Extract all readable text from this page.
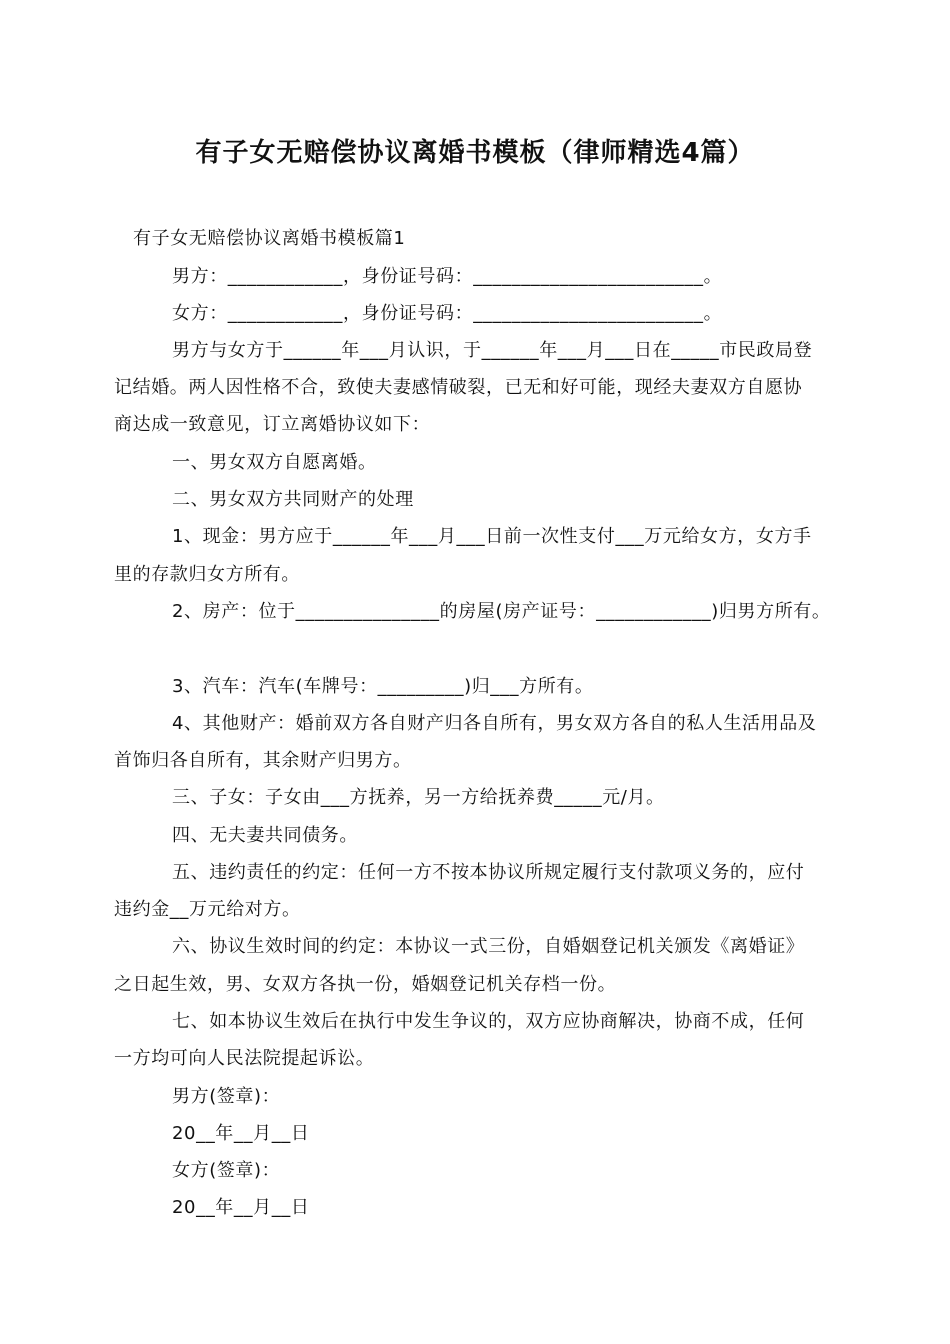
有子女无赔偿协议离婚书模板（律师精选4篇）
有子女无赔偿协议离婚书模板篇1
男方：____________，身份证号码：________________________。
女方：____________，身份证号码：________________________。
男方与女方于______年___月认识，于______年___月___日在_____市民政局登
记结婚。两人因性格不合，致使夫妻感情破裂，已无和好可能，现经夫妻双方自愿协
商达成一致意见，订立离婚协议如下：
一、男女双方自愿离婚。
二、男女双方共同财产的处理
1、现金：男方应于______年___月___日前一次性支付___万元给女方，女方手
里的存款归女方所有。
2、房产：位于_______________的房屋(房产证号：____________)归男方所有。
3、汽车：汽车(车牌号：_________)归___方所有。
4、其他财产：婚前双方各自财产归各自所有，男女双方各自的私人生活用品及
首饰归各自所有，其余财产归男方。
三、子女：子女由___方抚养，另一方给抚养费_____元/月。
四、无夫妻共同债务。
五、违约责任的约定：任何一方不按本协议所规定履行支付款项义务的，应付
违约金__万元给对方。
六、协议生效时间的约定：本协议一式三份，自婚姻登记机关颁发《离婚证》
之日起生效，男、女双方各执一份，婚姻登记机关存档一份。
七、如本协议生效后在执行中发生争议的，双方应协商解决，协商不成，任何
一方均可向人民法院提起诉讼。
男方(签章)：
20__年__月__日
女方(签章)：
20__年__月__日
